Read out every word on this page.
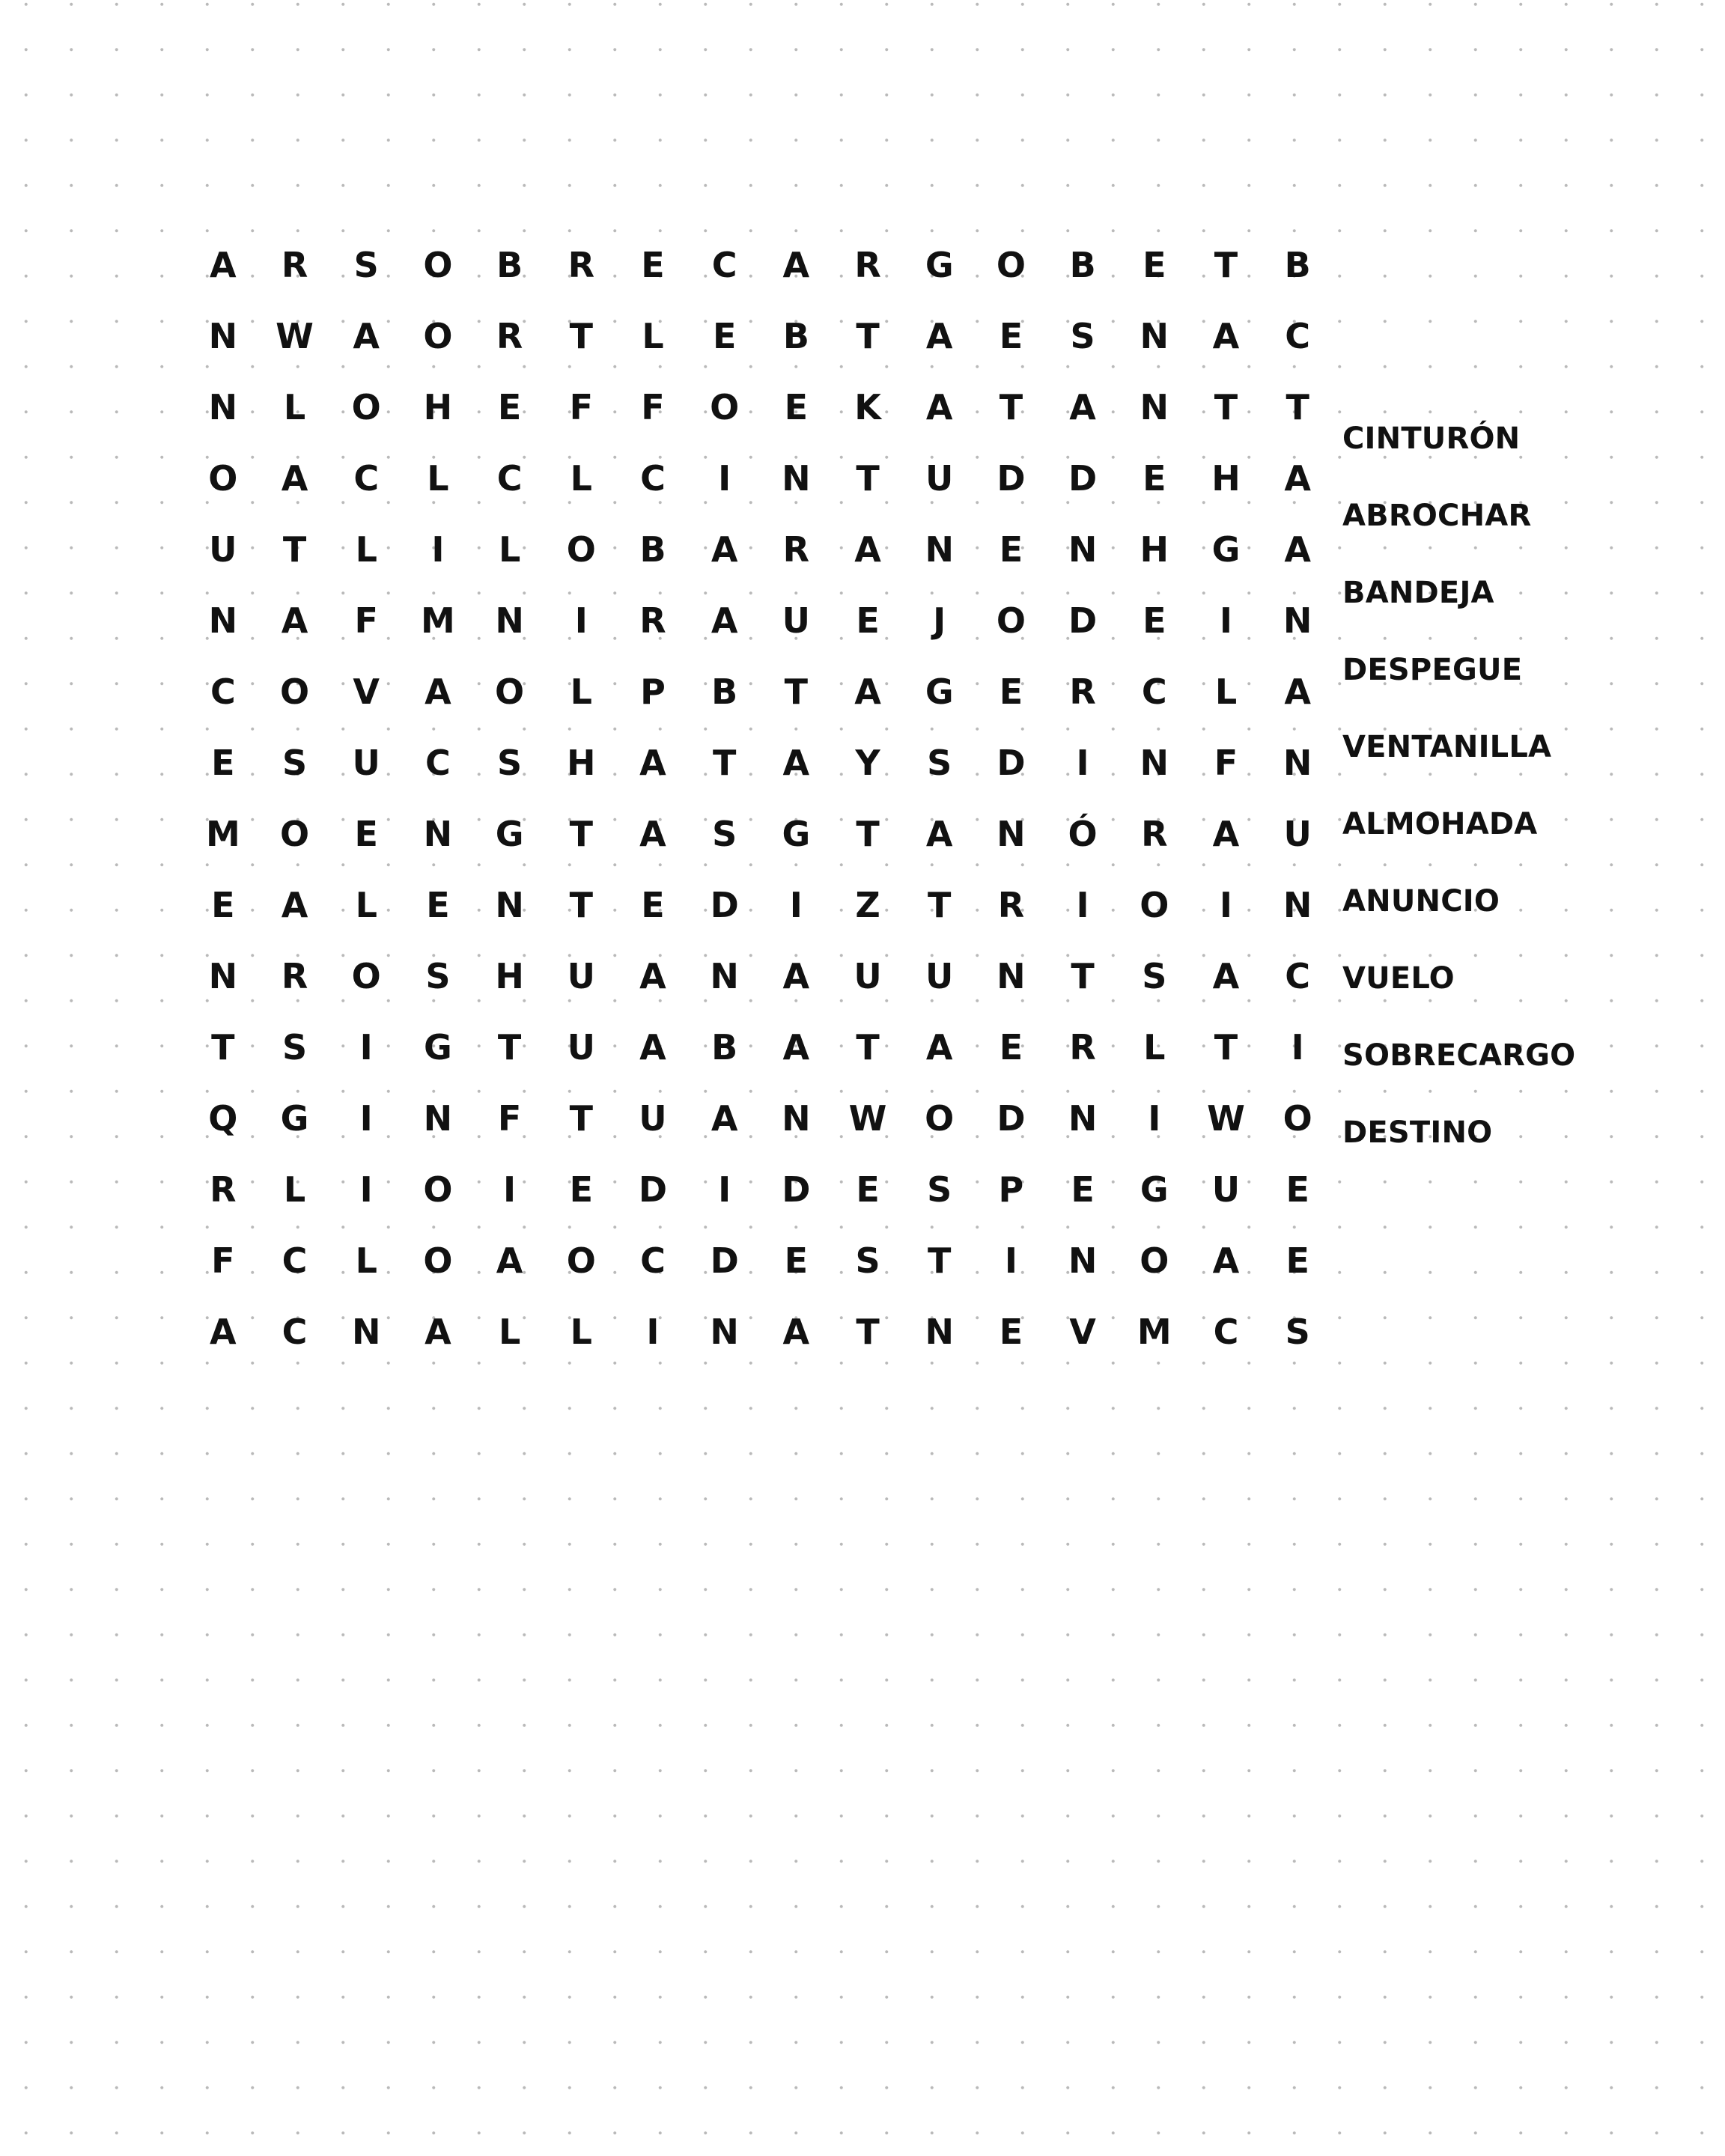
A	R	S	O	B	R	E	C	A	R	G	O	B	E	T	B
N	W	A	O	R	T	L	E	B	T	A	E	S	N	A	C
N	L	O	H	E	F	F	O	E	K	A	T	A	N	T	T
O	A	C	L	C	L	C	I	N	T	U	D	D	E	H	A
U	T	L	I	L	O	B	A	R	A	N	E	N	H	G	A
N	A	F	M	N	I	R	A	U	E	J	O	D	E	I	N
C	O	V	A	O	L	P	B	T	A	G	E	R	C	L	A
E	S	U	C	S	H	A	T	A	Y	S	D	I	N	F	N
M	O	E	N	G	T	A	S	G	T	A	N	Ó	R	A	U
E	A	L	E	N	T	E	D	I	Z	T	R	I	O	I	N
N	R	O	S	H	U	A	N	A	U	U	N	T	S	A	C
T	S	I	G	T	U	A	B	A	T	A	E	R	L	T	I
Q	G	I	N	F	T	U	A	N	W	O	D	N	I	W	O
R	L	I	O	I	E	D	I	D	E	S	P	E	G	U	E
F	C	L	O	A	O	C	D	E	S	T	I	N	O	A	E
A	C	N	A	L	L	I	N	A	T	N	E	V	M	C	S
CINTURÓN
ABROCHAR
BANDEJA
DESPEGUE
VENTANILLA
ALMOHADA
ANUNCIO
VUELO
SOBRECARGO
DESTINO
